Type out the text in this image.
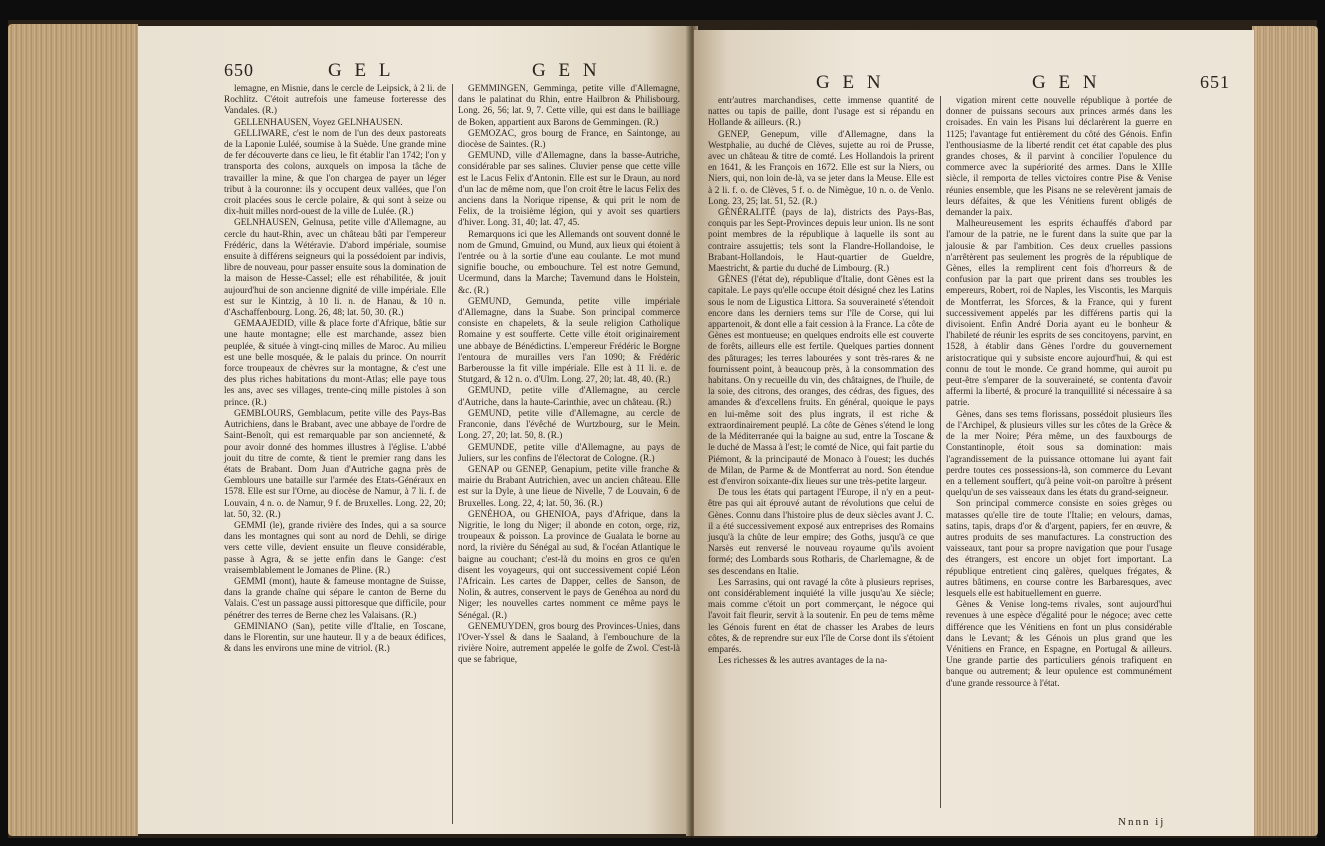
650	G E L	G E N

lemagne, en Misnie, dans le cercle de Leipsick, à 2 li. de Rochlitz. C'étoit autrefois une fameuse forteresse des Vandales. (R.)

GELLENHAUSEN, Voyez GELNHAUSEN.

GELLIWARE, c'est le nom de l'un des deux pastoreats de la Laponie Luléé, soumise à la Suède. Une grande mine de fer découverte dans ce lieu, le fit établir l'an 1742; l'on y transporta des colons, auxquels on imposa la tâche de travailler la mine, & que l'on chargea de payer un léger tribut à la couronne: ils y occupent deux vallées, que l'on croit placées sous le cercle polaire, & qui sont à seize ou dix-huit milles nord-ouest de la ville de Lulée. (R.)

GELNHAUSEN, Gelnusa, petite ville d'Allemagne, au cercle du haut-Rhin, avec un château bâti par l'empereur Frédéric, dans la Wétéravie. D'abord impériale, soumise ensuite à différens seigneurs qui la possédoient par indivis, libre de nouveau, pour passer ensuite sous la domination de la maison de Hesse-Cassel; elle est réhabilitée, & jouit aujourd'hui de son ancienne dignité de ville impériale. Elle est sur le Kintzig, à 10 li. n. de Hanau, & 10 n. d'Aschaffenbourg. Long. 26, 48; lat. 50, 30. (R.)

GEMAAJEDID, ville & place forte d'Afrique, bâtie sur une haute montagne; elle est marchande, assez bien peuplée, & située à vingt-cinq milles de Maroc. Au milieu est une belle mosquée, & le palais du prince. On nourrit force troupeaux de chèvres sur la montagne, & c'est une des plus riches habitations du mont-Atlas; elle paye tous les ans, avec ses villages, trente-cinq mille pistoles à son prince. (R.)

GEMBLOURS, Gemblacum, petite ville des Pays-Bas Autrichiens, dans le Brabant, avec une abbaye de l'ordre de Saint-Benoît, qui est remarquable par son ancienneté, & pour avoir donné des hommes illustres à l'église. L'abbé jouit du titre de comte, & tient le premier rang dans les états de Brabant. Dom Juan d'Autriche gagna près de Gemblours une bataille sur l'armée des Etats-Généraux en 1578. Elle est sur l'Orne, au diocèse de Namur, à 7 li. f. de Louvain, 4 n. o. de Namur, 9 f. de Bruxelles. Long. 22, 20; lat. 50, 32. (R.)

GEMMI (le), grande rivière des Indes, qui a sa source dans les montagnes qui sont au nord de Dehli, se dirige vers cette ville, devient ensuite un fleuve considérable, passe à Agra, & se jette enfin dans le Gange: c'est vraisemblablement le Jomanes de Pline. (R.)

GEMMI (mont), haute & fameuse montagne de Suisse, dans la grande chaîne qui sépare le canton de Berne du Valais. C'est un passage aussi pittoresque que difficile, pour pénétrer des terres de Berne chez les Valaisans. (R.)

GEMINIANO (San), petite ville d'Italie, en Toscane, dans le Florentin, sur une hauteur. Il y a de beaux édifices, & dans les environs une mine de vitriol. (R.)

GEMMINGEN, Gemminga, petite ville d'Allemagne, dans le palatinat du Rhin, entre Hailbron & Philisbourg. Long. 26, 56; lat. 9, 7. Cette ville, qui est dans le bailliage de Boken, appartient aux Barons de Gemmingen. (R.)

GEMOZAC, gros bourg de France, en Saintonge, au diocèse de Saintes. (R.)

GEMUND, ville d'Allemagne, dans la basse-Autriche, considérable par ses salines. Cluvier pense que cette ville est le Lacus Felix d'Antonin. Elle est sur le Draun, au nord d'un lac de même nom, que l'on croit être le lacus Felix des anciens dans la Norique ripense, & qui prit le nom de Felix, de la troisième légion, qui y avoit ses quartiers d'hiver. Long. 31, 40; lat. 47, 45.

Remarquons ici que les Allemands ont souvent donné le nom de Gmund, Gmuind, ou Mund, aux lieux qui étoient à l'entrée ou à la sortie d'une eau coulante. Le mot mund signifie bouche, ou embouchure. Tel est notre Gemund, Ucermund, dans la Marche; Tavemund dans le Holstein, &c. (R.)

GEMUND, Gemunda, petite ville impériale d'Allemagne, dans la Suabe. Son principal commerce consiste en chapelets, & la seule religion Catholique Romaine y est soufferte. Cette ville étoit originairement une abbaye de Bénédictins. L'empereur Frédéric le Borgne l'entoura de murailles vers l'an 1090; & Frédéric Barberousse la fit ville impériale. Elle est à 11 li. e. de Stutgard, & 12 n. o. d'Ulm. Long. 27, 20; lat. 48, 40. (R.)

GEMUND, petite ville d'Allemagne, au cercle d'Autriche, dans la haute-Carinthie, avec un château. (R.)

GEMUND, petite ville d'Allemagne, au cercle de Franconie, dans l'évêché de Wurtzbourg, sur le Mein. Long. 27, 20; lat. 50, 8. (R.)

GEMUNDE, petite ville d'Allemagne, au pays de Juliers, sur les confins de l'électorat de Cologne. (R.)

GENAP ou GENEP, Genapium, petite ville franche & mairie du Brabant Autrichien, avec un ancien château. Elle est sur la Dyle, à une lieue de Nivelle, 7 de Louvain, 6 de Bruxelles. Long. 22, 4; lat. 50, 36. (R.)

GENÉHOA, ou GHENIOA, pays d'Afrique, dans la Nigritie, le long du Niger; il abonde en coton, orge, riz, troupeaux & poisson. La province de Gualata le borne au nord, la rivière du Sénégal au sud, & l'océan Atlantique le baigne au couchant; c'est-là du moins en gros ce qu'en disent les voyageurs, qui ont successivement copié Léon l'Africain. Les cartes de Dapper, celles de Sanson, de Nolin, & autres, conservent le pays de Genéhoa au nord du Niger; les nouvelles cartes nomment ce même pays le Sénégal. (R.)

GENEMUYDEN, gros bourg des Provinces-Unies, dans l'Over-Yssel & dans le Saaland, à l'embouchure de la rivière Noire, autrement appelée le golfe de Zwol. C'est-là que se fabrique,

G E N	G E N	651

entr'autres marchandises, cette immense quantité de nattes ou tapis de paille, dont l'usage est si répandu en Hollande & ailleurs. (R.)

GENEP, Genepum, ville d'Allemagne, dans la Westphalie, au duché de Clèves, sujette au roi de Prusse, avec un château & titre de comté. Les Hollandois la prirent en 1641, & les François en 1672. Elle est sur la Niers, ou Niers, qui, non loin de-là, va se jeter dans la Meuse. Elle est à 2 li. f. o. de Clèves, 5 f. o. de Nimègue, 10 n. o. de Venlo. Long. 23, 25; lat. 51, 52. (R.)

GÉNÉRALITÉ (pays de la), districts des Pays-Bas, conquis par les Sept-Provinces depuis leur union. Ils ne sont point membres de la république à laquelle ils sont au contraire assujettis; tels sont la Flandre-Hollandoise, le Brabant-Hollandois, le Haut-quartier de Gueldre, Maestricht, & partie du duché de Limbourg. (R.)

GÈNES (l'état de), république d'Italie, dont Gènes est la capitale. Le pays qu'elle occupe étoit désigné chez les Latins sous le nom de Ligustica Littora. Sa souveraineté s'étendoit encore dans les derniers tems sur l'île de Corse, qui lui appartenoit, & dont elle a fait cession à la France. La côte de Gènes est montueuse; en quelques endroits elle est couverte de forêts, ailleurs elle est fertile. Quelques parties donnent des pâturages; les terres labourées y sont très-rares & ne fournissent point, à beaucoup près, à la consommation des habitans. On y recueille du vin, des châtaignes, de l'huile, de la soie, des citrons, des oranges, des cédras, des figues, des amandes & d'excellens fruits. En général, quoique le pays en lui-même soit des plus ingrats, il est riche & extraordinairement peuplé. La côte de Gènes s'étend le long de la Méditerranée qui la baigne au sud, entre la Toscane & le duché de Massa à l'est; le comté de Nice, qui fait partie du Piémont, & la principauté de Monaco à l'ouest; les duchés de Milan, de Parme & de Montferrat au nord. Son étendue est d'environ soixante-dix lieues sur une très-petite largeur.

De tous les états qui partagent l'Europe, il n'y en a peut-être pas qui ait éprouvé autant de révolutions que celui de Gènes. Connu dans l'histoire plus de deux siècles avant J. C. il a été successivement exposé aux entreprises des Romains jusqu'à la chûte de leur empire; des Goths, jusqu'à ce que Narsès eut renversé le nouveau royaume qu'ils avoient formé; des Lombards sous Rotharis, de Charlemagne, & de ses descendans en Italie.

Les Sarrasins, qui ont ravagé la côte à plusieurs reprises, ont considérablement inquiété la ville jusqu'au Xe siècle; mais comme c'étoit un port commerçant, le négoce qui l'avoit fait fleurir, servit à la soutenir. En peu de tems même les Génois furent en état de chasser les Arabes de leurs côtes, & de reprendre sur eux l'île de Corse dont ils s'étoient emparés.

Les richesses & les autres avantages de la na-

vigation mirent cette nouvelle république à portée de donner de puissans secours aux princes armés dans les croisades. En vain les Pisans lui déclarèrent la guerre en 1125; l'avantage fut entièrement du côté des Génois. Enfin l'enthousiasme de la liberté rendit cet état capable des plus grandes choses, & il parvint à concilier l'opulence du commerce avec la supériorité des armes. Dans le XIIIe siècle, il remporta de telles victoires contre Pise & Venise réunies ensemble, que les Pisans ne se relevèrent jamais de leurs défaites, & que les Vénitiens furent obligés de demander la paix.

Malheureusement les esprits échauffés d'abord par l'amour de la patrie, ne le furent dans la suite que par la jalousie & par l'ambition. Ces deux cruelles passions n'arrêtèrent pas seulement les progrès de la république de Gènes, elles la remplirent cent fois d'horreurs & de confusion par la part que prirent dans ses troubles les empereurs, Robert, roi de Naples, les Viscontis, les Marquis de Montferrat, les Sforces, & la France, qui y furent successivement appelés par les différens partis qui la divisoient. Enfin André Doria ayant eu le bonheur & l'habileté de réunir les esprits de ses concitoyens, parvint, en 1528, à établir dans Gènes l'ordre du gouvernement aristocratique qui y subsiste encore aujourd'hui, & qui est connu de tout le monde. Ce grand homme, qui auroit pu peut-être s'emparer de la souveraineté, se contenta d'avoir affermi la liberté, & procuré la tranquillité si nécessaire à sa patrie.

Gènes, dans ses tems florissans, possédoit plusieurs îles de l'Archipel, & plusieurs villes sur les côtes de la Grèce & de la mer Noire; Péra même, un des fauxbourgs de Constantinople, étoit sous sa domination: mais l'agrandissement de la puissance ottomane lui ayant fait perdre toutes ces possessions-là, son commerce du Levant en a tellement souffert, qu'à peine voit-on paroître à présent quelqu'un de ses vaisseaux dans les états du grand-seigneur.

Son principal commerce consiste en soies grèges ou matasses qu'elle tire de toute l'Italie; en velours, damas, satins, tapis, draps d'or & d'argent, papiers, fer en œuvre, & autres produits de ses manufactures. La construction des vaisseaux, tant pour sa propre navigation que pour l'usage des étrangers, est encore un objet fort important. La république entretient cinq galères, quelques frégates, & autres bâtimens, en course contre les Barbaresques, avec lesquels elle est habituellement en guerre.

Gènes & Venise long-tems rivales, sont aujourd'hui revenues à une espèce d'égalité pour le négoce; avec cette différence que les Vénitiens en font un plus considérable dans le Levant; & les Génois un plus grand que les Vénitiens en France, en Espagne, en Portugal & ailleurs. Une grande partie des particuliers génois trafiquent en banque ou autrement; & leur opulence est communément d'une grande ressource à l'état.

Nnnn ij
